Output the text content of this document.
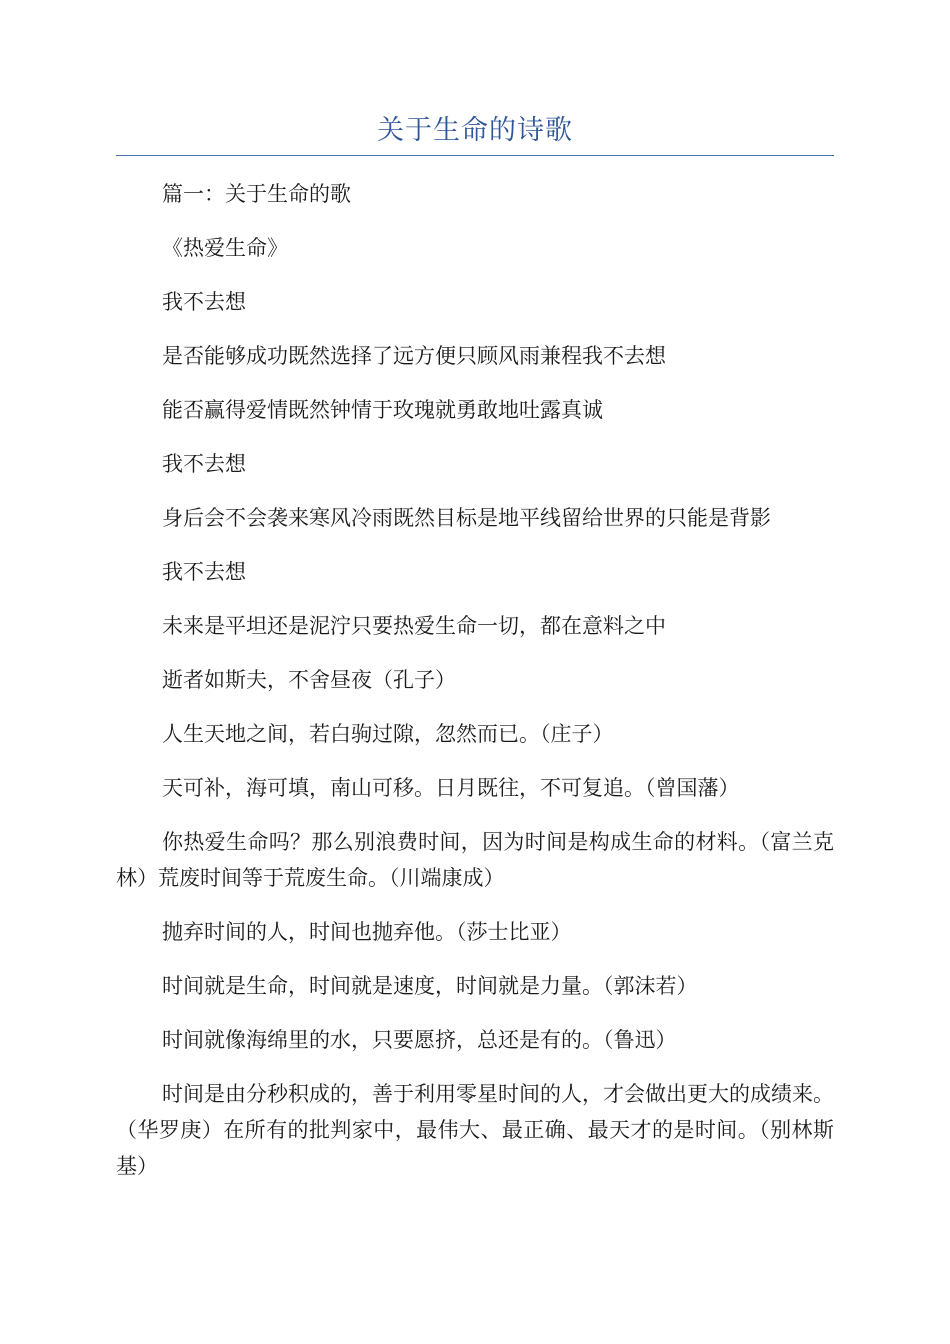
关于生命的诗歌

篇一：关于生命的歌

《热爱生命》

我不去想

是否能够成功既然选择了远方便只顾风雨兼程我不去想

能否赢得爱情既然钟情于玫瑰就勇敢地吐露真诚

我不去想

身后会不会袭来寒风冷雨既然目标是地平线留给世界的只能是背影

我不去想

未来是平坦还是泥泞只要热爱生命一切，都在意料之中

逝者如斯夫，不舍昼夜（孔子）

人生天地之间，若白驹过隙，忽然而已。（庄子）

天可补，海可填，南山可移。日月既往，不可复追。（曾国藩）

你热爱生命吗？那么别浪费时间，因为时间是构成生命的材料。（富兰克林）荒废时间等于荒废生命。（川端康成）

抛弃时间的人，时间也抛弃他。（莎士比亚）

时间就是生命，时间就是速度，时间就是力量。（郭沫若）

时间就像海绵里的水，只要愿挤，总还是有的。（鲁迅）

时间是由分秒积成的，善于利用零星时间的人，才会做出更大的成绩来。（华罗庚）在所有的批判家中，最伟大、最正确、最天才的是时间。（别林斯基）
